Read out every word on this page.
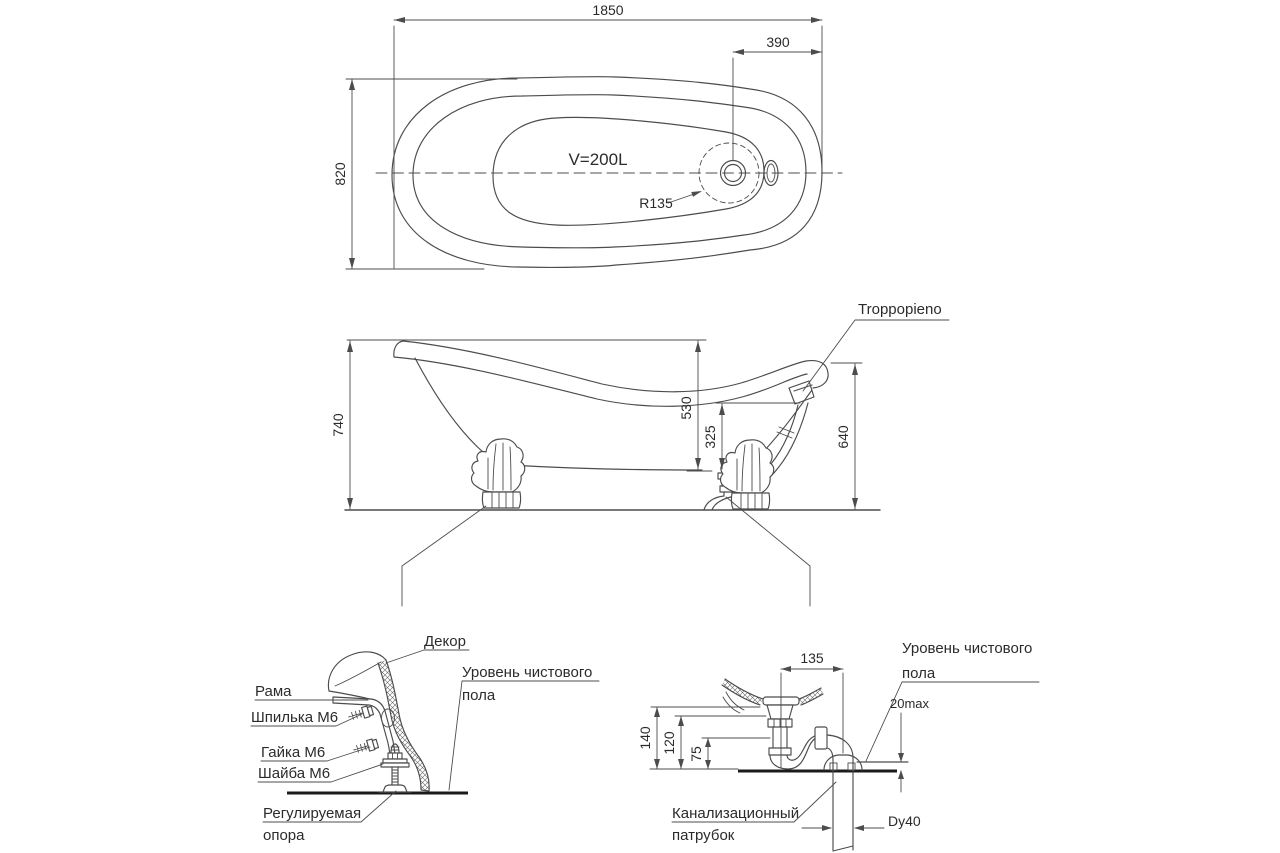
1850
390
820
V=200L
R135
740
530
325	640
Troppopieno
Декор
Рама
Шпилька М6
Гайка М6
Шайба М6
Регулируемая
опора
Уровень чистового
пола
135
140 120 75
20max
Dy40
Уровень чистового
пола
Канализационный
патрубок
